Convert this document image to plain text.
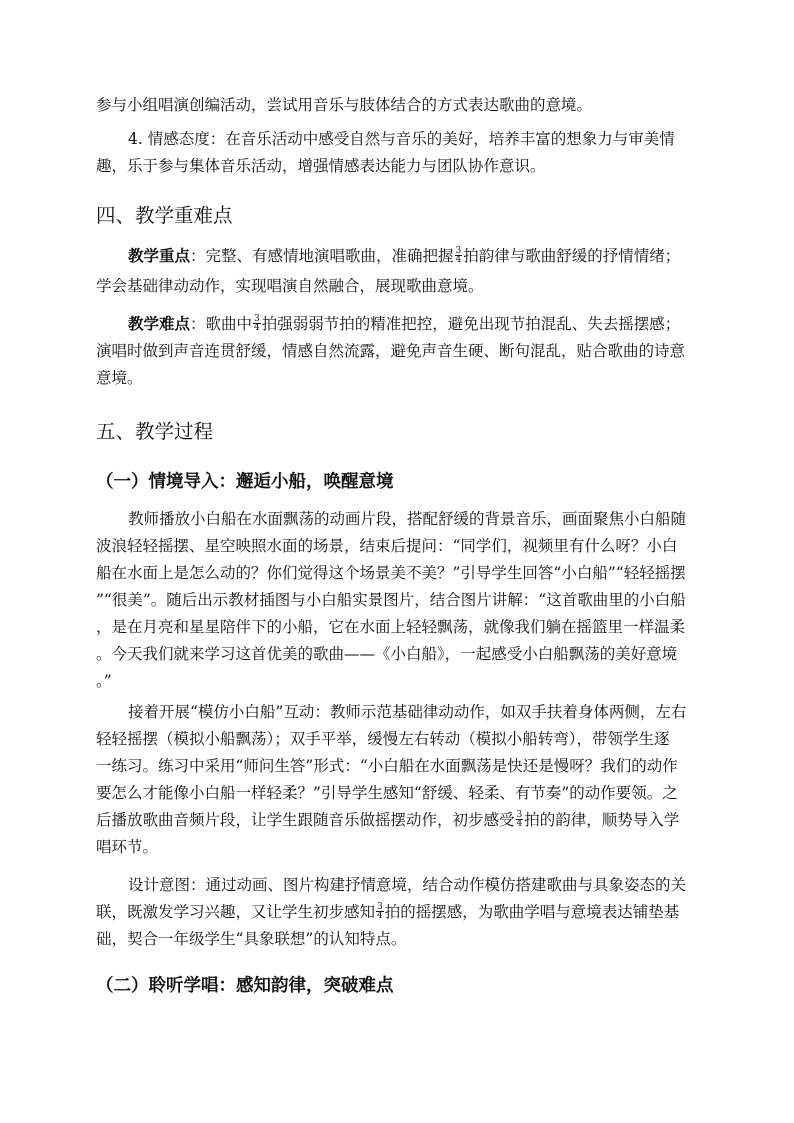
参与小组唱演创编活动，尝试用音乐与肢体结合的方式表达歌曲的意境。
4. 情感态度：在音乐活动中感受自然与音乐的美好，培养丰富的想象力与审美情
趣，乐于参与集体音乐活动，增强情感表达能力与团队协作意识。
四、教学重难点
教学重点：完整、有感情地演唱歌曲，准确把握 $\frac{3}{4}$ 拍韵律与歌曲舒缓的抒情情绪；
学会基础律动动作，实现唱演自然融合，展现歌曲意境。
教学难点：歌曲中 $\frac{3}{4}$ 拍强弱弱节拍的精准把控，避免出现节拍混乱、失去摇摆感；
演唱时做到声音连贯舒缓，情感自然流露，避免声音生硬、断句混乱，贴合歌曲的诗意
意境。
五、教学过程
（一）情境导入：邂逅小船，唤醒意境
教师播放小白船在水面飘荡的动画片段，搭配舒缓的背景音乐，画面聚焦小白船随
波浪轻轻摇摆、星空映照水面的场景，结束后提问：“同学们，视频里有什么呀？小白
船在水面上是怎么动的？你们觉得这个场景美不美？”引导学生回答“小白船”“轻轻摇摆
”“很美”。随后出示教材插图与小白船实景图片，结合图片讲解：“这首歌曲里的小白船
，是在月亮和星星陪伴下的小船，它在水面上轻轻飘荡，就像我们躺在摇篮里一样温柔
。今天我们就来学习这首优美的歌曲——《小白船》，一起感受小白船飘荡的美好意境
。”
接着开展“模仿小白船”互动：教师示范基础律动动作，如双手扶着身体两侧，左右
轻轻摇摆（模拟小船飘荡）；双手平举，缓慢左右转动（模拟小船转弯），带领学生逐
一练习。练习中采用“师问生答”形式：“小白船在水面飘荡是快还是慢呀？我们的动作
要怎么才能像小白船一样轻柔？”引导学生感知“舒缓、轻柔、有节奏”的动作要领。之
后播放歌曲音频片段，让学生跟随音乐做摇摆动作，初步感受 $\frac{3}{4}$ 拍的韵律，顺势导入学
唱环节。
设计意图：通过动画、图片构建抒情意境，结合动作模仿搭建歌曲与具象姿态的关
联，既激发学习兴趣，又让学生初步感知 $\frac{3}{4}$ 拍的摇摆感，为歌曲学唱与意境表达铺垫基
础，契合一年级学生“具象联想”的认知特点。
（二）聆听学唱：感知韵律，突破难点
